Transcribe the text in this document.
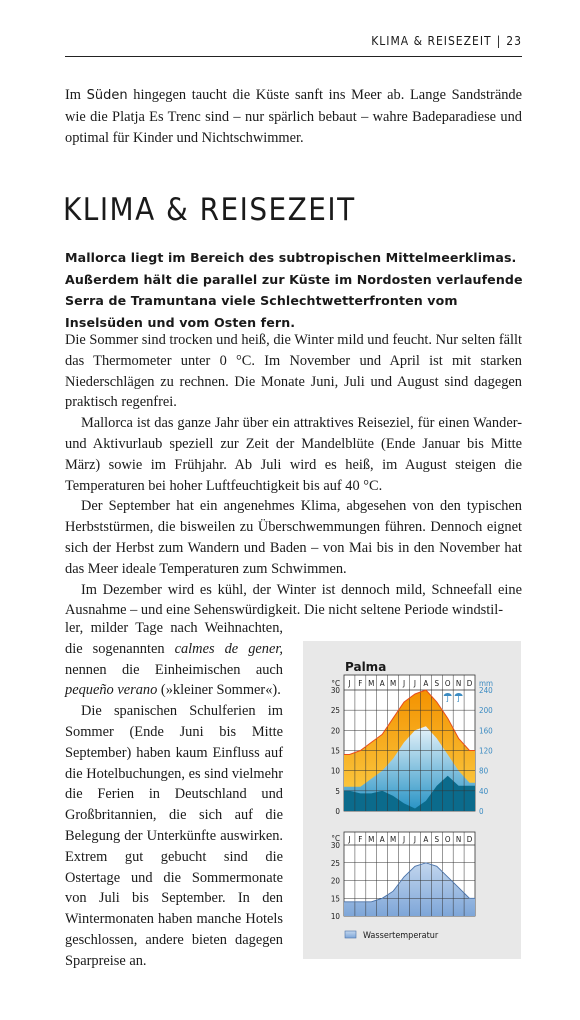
KLIMA & REISEZEIT | 23
Im Süden hingegen taucht die Küste sanft ins Meer ab. Lange Sandstrände wie die Platja Es Trenc sind – nur spärlich bebaut – wahre Badeparadiese und optimal für Kinder und Nichtschwimmer.
KLIMA & REISEZEIT
Mallorca liegt im Bereich des subtropischen Mittelmeerklimas. Außerdem hält die parallel zur Küste im Nordosten verlaufende Serra de Tramuntana viele Schlechtwetterfronten vom Inselsüden und vom Osten fern.

Die Sommer sind trocken und heiß, die Winter mild und feucht. Nur selten fällt das Thermometer unter 0 °C. Im November und April ist mit starken Niederschlägen zu rechnen. Die Monate Juni, Juli und August sind dagegen praktisch regenfrei.

Mallorca ist das ganze Jahr über ein attraktives Reiseziel, für einen Wander- und Aktivurlaub speziell zur Zeit der Mandelblüte (Ende Januar bis Mitte März) sowie im Frühjahr. Ab Juli wird es heiß, im August steigen die Temperaturen bei hoher Luftfeuchtigkeit bis auf 40 °C.

Der September hat ein angenehmes Klima, abgesehen von den typischen Herbststürmen, die bisweilen zu Überschwemmungen führen. Dennoch eignet sich der Herbst zum Wandern und Baden – von Mai bis in den November hat das Meer ideale Temperaturen zum Schwimmen.

Im Dezember wird es kühl, der Winter ist dennoch mild, Schneefall eine Ausnahme – und eine Sehenswürdigkeit. Die nicht seltene Periode windstil-

ler, milder Tage nach Weihnachten, die sogenannten calmes de gener, nennen die Einheimischen auch pequeño verano (»kleiner Sommer«).

Die spanischen Schulferien im Sommer (Ende Juni bis Mitte September) haben kaum Einfluss auf die Hotelbuchungen, es sind vielmehr die Ferien in Deutschland und Großbritannien, die sich auf die Belegung der Unterkünfte auswirken. Extrem gut gebucht sind die Ostertage und die Sommermonate von Juli bis September. In den Wintermonaten haben manche Hotels geschlossen, andere bieten dagegen Sparpreise an.

Palma
J F M A M J J A S O N D
°C	mm
0
5
10
15
20
25
30
0
40
80
120
160
200
240
J F M A M J J A S O N D
°C
10
15
20
25
30
Wassertemperatur
